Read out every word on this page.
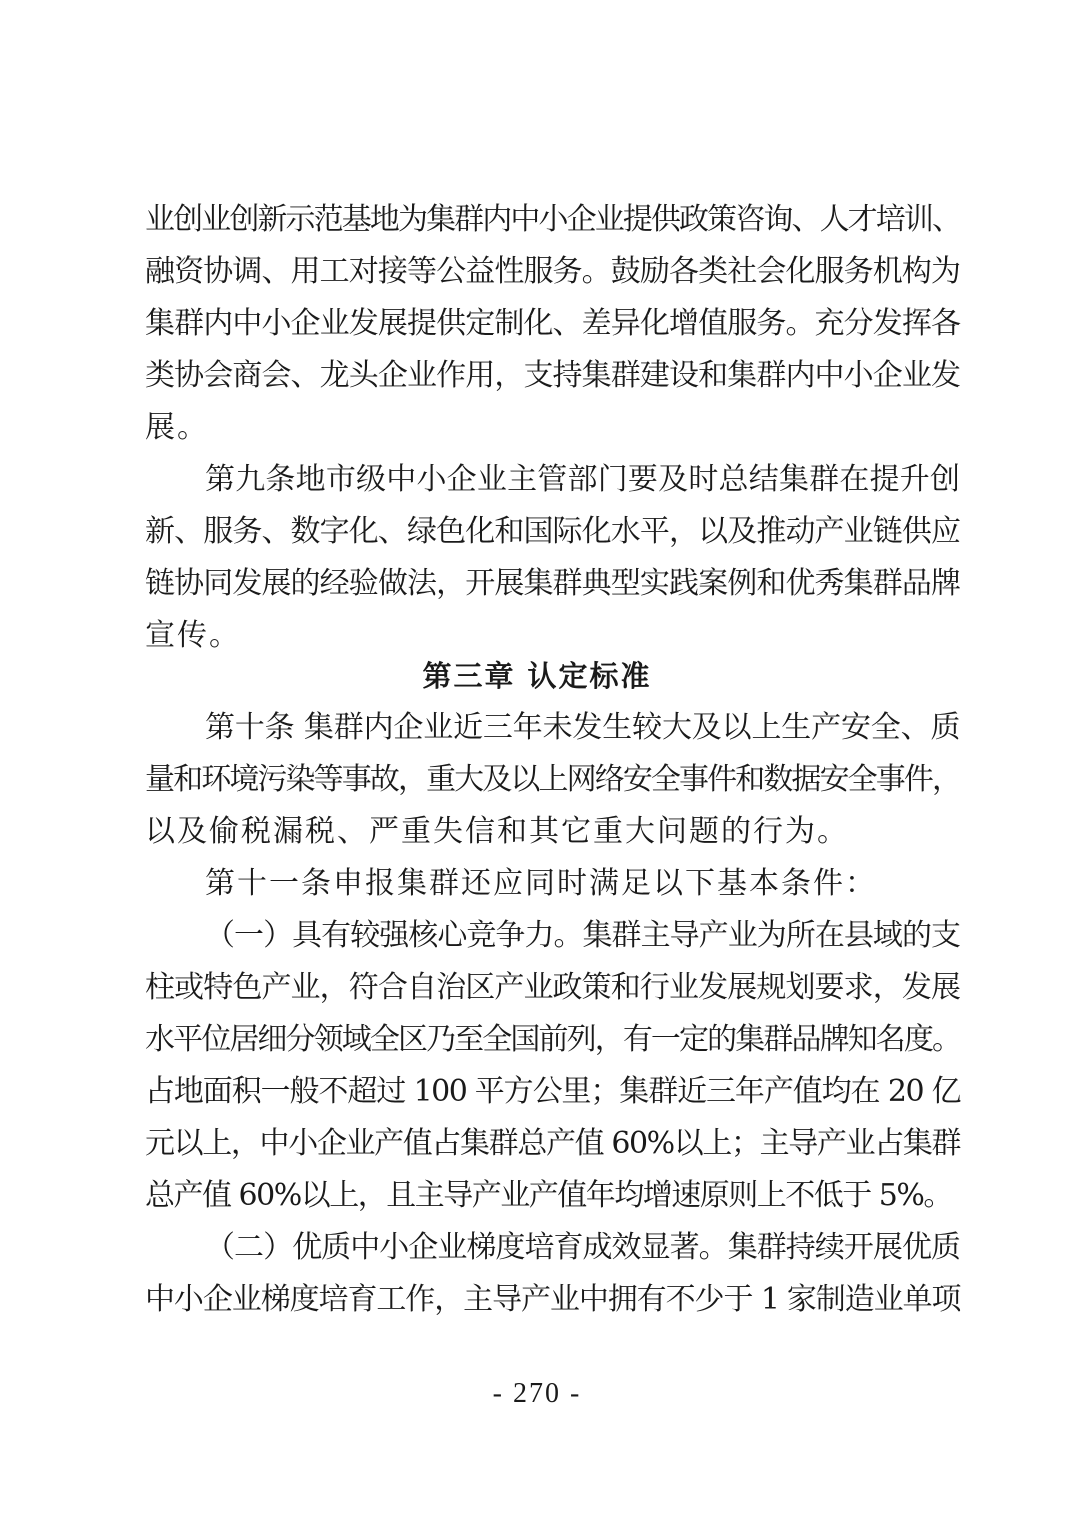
业创业创新示范基地为集群内中小企业提供政策咨询、人才培训、
融资协调、用工对接等公益性服务。鼓励各类社会化服务机构为
集群内中小企业发展提供定制化、差异化增值服务。充分发挥各
类协会商会、龙头企业作用，支持集群建设和集群内中小企业发
展。
第九条地市级中小企业主管部门要及时总结集群在提升创
新、服务、数字化、绿色化和国际化水平，以及推动产业链供应
链协同发展的经验做法，开展集群典型实践案例和优秀集群品牌
宣传。
第三章 认定标准
第十条 集群内企业近三年未发生较大及以上生产安全、质
量和环境污染等事故，重大及以上网络安全事件和数据安全事件，
以及偷税漏税、严重失信和其它重大问题的行为。
第十一条申报集群还应同时满足以下基本条件：
（一）具有较强核心竞争力。集群主导产业为所在县域的支
柱或特色产业，符合自治区产业政策和行业发展规划要求，发展
水平位居细分领域全区乃至全国前列，有一定的集群品牌知名度。
占地面积一般不超过 100 平方公里；集群近三年产值均在 20 亿
元以上，中小企业产值占集群总产值 60%以上；主导产业占集群
总产值 60%以上，且主导产业产值年均增速原则上不低于 5%。
（二）优质中小企业梯度培育成效显著。集群持续开展优质
中小企业梯度培育工作，主导产业中拥有不少于 1 家制造业单项
- 270 -
